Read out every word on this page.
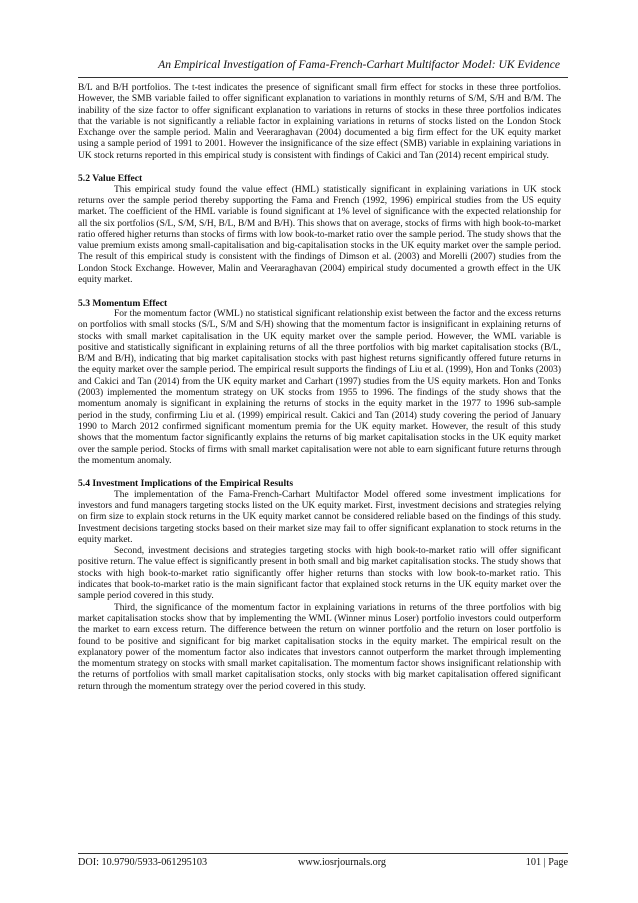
An Empirical Investigation of Fama-French-Carhart Multifactor Model: UK Evidence

B/L and B/H portfolios. The t-test indicates the presence of significant small firm effect for stocks in these three portfolios. However, the SMB variable failed to offer significant explanation to variations in monthly returns of S/M, S/H and B/M. The inability of the size factor to offer significant explanation to variations in returns of stocks in these three portfolios indicates that the variable is not significantly a reliable factor in explaining variations in returns of stocks listed on the London Stock Exchange over the sample period. Malin and Veeraraghavan (2004) documented a big firm effect for the UK equity market using a sample period of 1991 to 2001. However the insignificance of the size effect (SMB) variable in explaining variations in UK stock returns reported in this empirical study is consistent with findings of Cakici and Tan (2014) recent empirical study.

5.2 Value Effect

This empirical study found the value effect (HML) statistically significant in explaining variations in UK stock returns over the sample period thereby supporting the Fama and French (1992, 1996) empirical studies from the US equity market. The coefficient of the HML variable is found significant at 1% level of significance with the expected relationship for all the six portfolios (S/L, S/M, S/H, B/L, B/M and B/H). This shows that on average, stocks of firms with high book-to-market ratio offered higher returns than stocks of firms with low book-to-market ratio over the sample period. The study shows that the value premium exists among small-capitalisation and big-capitalisation stocks in the UK equity market over the sample period. The result of this empirical study is consistent with the findings of Dimson et al. (2003) and Morelli (2007) studies from the London Stock Exchange. However, Malin and Veeraraghavan (2004) empirical study documented a growth effect in the UK equity market.

5.3 Momentum Effect

For the momentum factor (WML) no statistical significant relationship exist between the factor and the excess returns on portfolios with small stocks (S/L, S/M and S/H) showing that the momentum factor is insignificant in explaining returns of stocks with small market capitalisation in the UK equity market over the sample period. However, the WML variable is positive and statistically significant in explaining returns of all the three portfolios with big market capitalisation stocks (B/L, B/M and B/H), indicating that big market capitalisation stocks with past highest returns significantly offered future returns in the equity market over the sample period. The empirical result supports the findings of Liu et al. (1999), Hon and Tonks (2003) and Cakici and Tan (2014) from the UK equity market and Carhart (1997) studies from the US equity markets. Hon and Tonks (2003) implemented the momentum strategy on UK stocks from 1955 to 1996. The findings of the study shows that the momentum anomaly is significant in explaining the returns of stocks in the equity market in the 1977 to 1996 sub-sample period in the study, confirming Liu et al. (1999) empirical result. Cakici and Tan (2014) study covering the period of January 1990 to March 2012 confirmed significant momentum premia for the UK equity market. However, the result of this study shows that the momentum factor significantly explains the returns of big market capitalisation stocks in the UK equity market over the sample period. Stocks of firms with small market capitalisation were not able to earn significant future returns through the momentum anomaly.

5.4 Investment Implications of the Empirical Results

The implementation of the Fama-French-Carhart Multifactor Model offered some investment implications for investors and fund managers targeting stocks listed on the UK equity market. First, investment decisions and strategies relying on firm size to explain stock returns in the UK equity market cannot be considered reliable based on the findings of this study. Investment decisions targeting stocks based on their market size may fail to offer significant explanation to stock returns in the equity market.

Second, investment decisions and strategies targeting stocks with high book-to-market ratio will offer significant positive return. The value effect is significantly present in both small and big market capitalisation stocks. The study shows that stocks with high book-to-market ratio significantly offer higher returns than stocks with low book-to-market ratio. This indicates that book-to-market ratio is the main significant factor that explained stock returns in the UK equity market over the sample period covered in this study.

Third, the significance of the momentum factor in explaining variations in returns of the three portfolios with big market capitalisation stocks show that by implementing the WML (Winner minus Loser) portfolio investors could outperform the market to earn excess return. The difference between the return on winner portfolio and the return on loser portfolio is found to be positive and significant for big market capitalisation stocks in the equity market. The empirical result on the explanatory power of the momentum factor also indicates that investors cannot outperform the market through implementing the momentum strategy on stocks with small market capitalisation. The momentum factor shows insignificant relationship with the returns of portfolios with small market capitalisation stocks, only stocks with big market capitalisation offered significant return through the momentum strategy over the period covered in this study.

DOI: 10.9790/5933-061295103	www.iosrjournals.org	101 | Page
